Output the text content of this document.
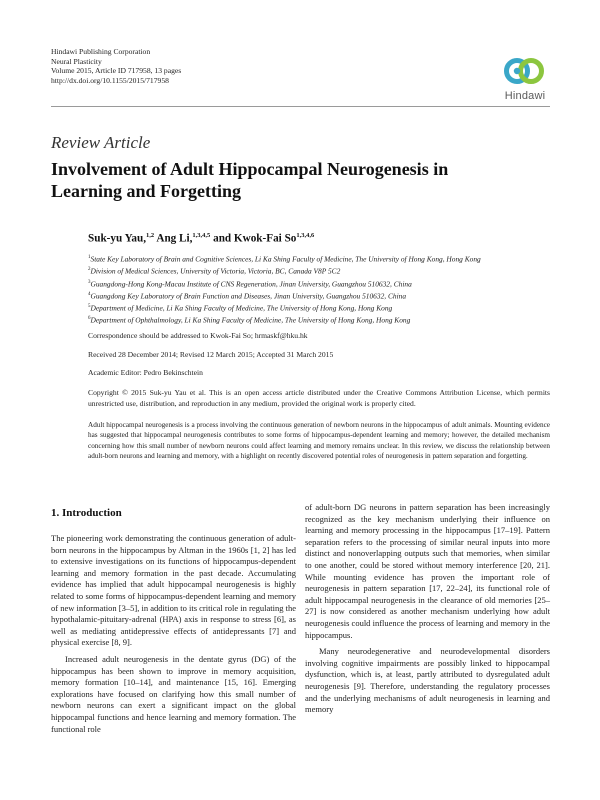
Hindawi Publishing Corporation
Neural Plasticity
Volume 2015, Article ID 717958, 13 pages
http://dx.doi.org/10.1155/2015/717958
Hindawi
Review Article
Involvement of Adult Hippocampal Neurogenesis in Learning and Forgetting
Suk-yu Yau,$^{1,2}$ Ang Li,$^{1,3,4,5}$ and Kwok-Fai So$^{1,3,4,6}$
$^1$State Key Laboratory of Brain and Cognitive Sciences, Li Ka Shing Faculty of Medicine, The University of Hong Kong, Hong Kong
$^2$Division of Medical Sciences, University of Victoria, Victoria, BC, Canada V8P 5C2
$^3$Guangdong-Hong Kong-Macau Institute of CNS Regeneration, Jinan University, Guangzhou 510632, China
$^4$Guangdong Key Laboratory of Brain Function and Diseases, Jinan University, Guangzhou 510632, China
$^5$Department of Medicine, Li Ka Shing Faculty of Medicine, The University of Hong Kong, Hong Kong
$^6$Department of Ophthalmology, Li Ka Shing Faculty of Medicine, The University of Hong Kong, Hong Kong
Correspondence should be addressed to Kwok-Fai So; hrmaskf@hku.hk
Received 28 December 2014; Revised 12 March 2015; Accepted 31 March 2015
Academic Editor: Pedro Bekinschtein
Copyright © 2015 Suk-yu Yau et al. This is an open access article distributed under the Creative Commons Attribution License, which permits unrestricted use, distribution, and reproduction in any medium, provided the original work is properly cited.
Adult hippocampal neurogenesis is a process involving the continuous generation of newborn neurons in the hippocampus of adult animals. Mounting evidence has suggested that hippocampal neurogenesis contributes to some forms of hippocampus-dependent learning and memory; however, the detailed mechanism concerning how this small number of newborn neurons could affect learning and memory remains unclear. In this review, we discuss the relationship between adult-born neurons and learning and memory, with a highlight on recently discovered potential roles of neurogenesis in pattern separation and forgetting.
1. Introduction

The pioneering work demonstrating the continuous generation of adult-born neurons in the hippocampus by Altman in the 1960s [1, 2] has led to extensive investigations on its functions of hippocampus-dependent learning and memory formation in the past decade. Accumulating evidence has implied that adult hippocampal neurogenesis is highly related to some forms of hippocampus-dependent learning and memory of new information [3–5], in addition to its critical role in regulating the hypothalamic-pituitary-adrenal (HPA) axis in response to stress [6], as well as mediating antidepressive effects of antidepressants [7] and physical exercise [8, 9].

Increased adult neurogenesis in the dentate gyrus (DG) of the hippocampus has been shown to improve in memory acquisition, memory formation [10–14], and maintenance [15, 16]. Emerging explorations have focused on clarifying how this small number of newborn neurons can exert a significant impact on the global hippocampal functions and hence learning and memory formation. The functional role

of adult-born DG neurons in pattern separation has been increasingly recognized as the key mechanism underlying their influence on learning and memory processing in the hippocampus [17–19]. Pattern separation refers to the processing of similar neural inputs into more distinct and nonoverlapping outputs such that memories, when similar to one another, could be stored without memory interference [20, 21]. While mounting evidence has proven the important role of neurogenesis in pattern separation [17, 22–24], its functional role of adult hippocampal neurogenesis in the clearance of old memories [25–27] is now considered as another mechanism underlying how adult neurogenesis could influence the process of learning and memory in the hippocampus.

Many neurodegenerative and neurodevelopmental disorders involving cognitive impairments are possibly linked to hippocampal dysfunction, which is, at least, partly attributed to dysregulated adult neurogenesis [9]. Therefore, understanding the regulatory processes and the underlying mechanisms of adult neurogenesis in learning and memory
